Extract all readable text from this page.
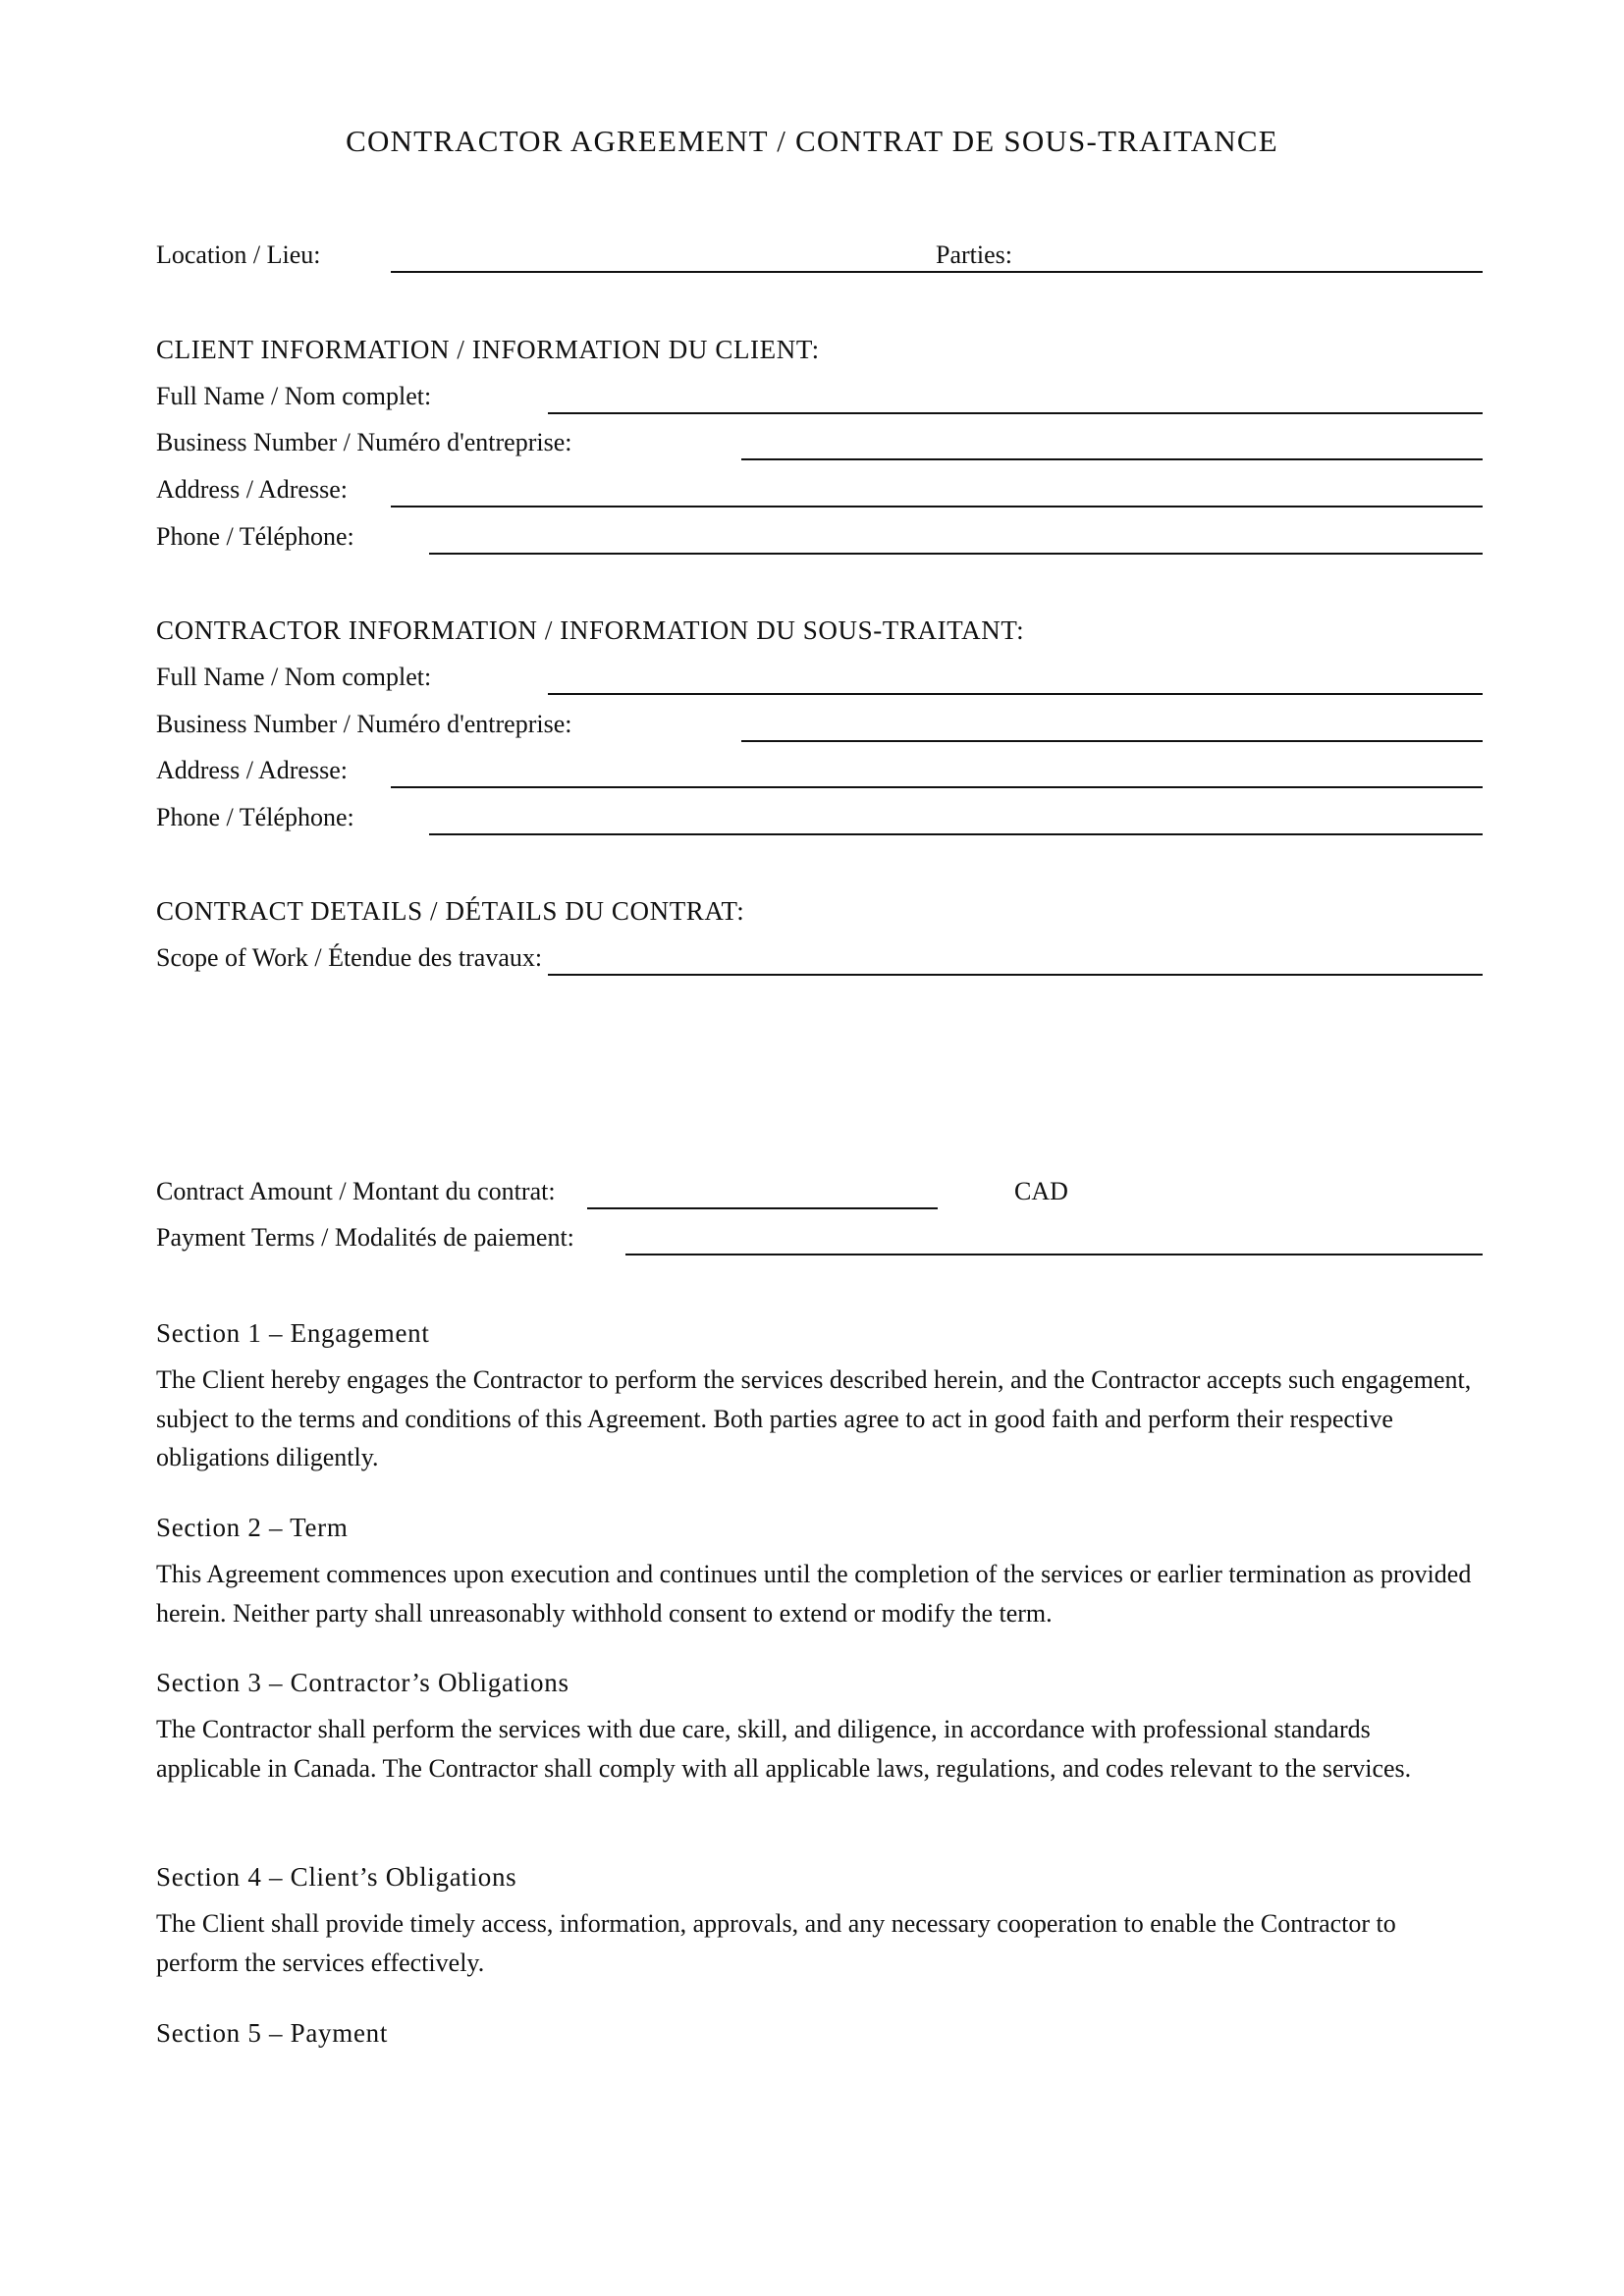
CONTRACTOR AGREEMENT / CONTRAT DE SOUS-TRAITANCE
Location / Lieu:	Parties:
CLIENT INFORMATION / INFORMATION DU CLIENT:
Full Name / Nom complet:
Business Number / Numéro d'entreprise:
Address / Adresse:
Phone / Téléphone:
CONTRACTOR INFORMATION / INFORMATION DU SOUS-TRAITANT:
Full Name / Nom complet:
Business Number / Numéro d'entreprise:
Address / Adresse:
Phone / Téléphone:
CONTRACT DETAILS / DÉTAILS DU CONTRAT:
Scope of Work / Étendue des travaux:
Contract Amount / Montant du contrat:	CAD
Payment Terms / Modalités de paiement:
Section 1 – Engagement
The Client hereby engages the Contractor to perform the services described herein, and the Contractor accepts such engagement, subject to the terms and conditions of this Agreement. Both parties agree to act in good faith and perform their respective obligations diligently.
Section 2 – Term
This Agreement commences upon execution and continues until the completion of the services or earlier termination as provided herein. Neither party shall unreasonably withhold consent to extend or modify the term.
Section 3 – Contractor’s Obligations
The Contractor shall perform the services with due care, skill, and diligence, in accordance with professional standards applicable in Canada. The Contractor shall comply with all applicable laws, regulations, and codes relevant to the services.
Section 4 – Client’s Obligations
The Client shall provide timely access, information, approvals, and any necessary cooperation to enable the Contractor to perform the services effectively.
Section 5 – Payment
